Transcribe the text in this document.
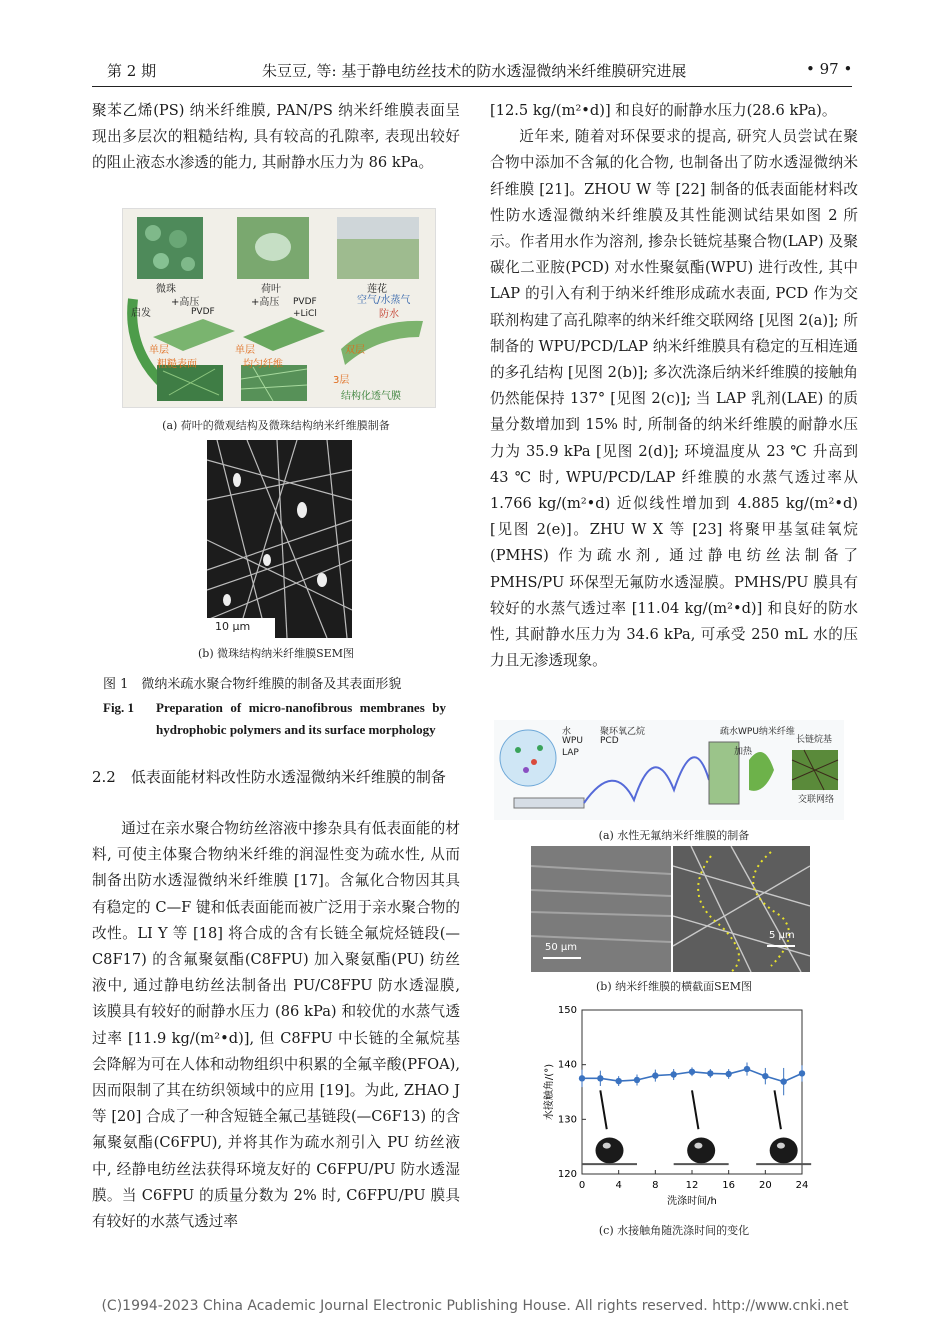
第 2 期	朱豆豆, 等: 基于静电纺丝技术的防水透湿微纳米纤维膜研究进展	• 97 •

聚苯乙烯(PS) 纳米纤维膜, PAN/PS 纳米纤维膜表面呈现出多层次的粗糙结构, 具有较高的孔隙率, 表现出较好的阻止液态水渗透的能力, 其耐静水压力为 86 kPa。

微珠	荷叶	莲花
启发
+高压
PVDF
+高压 PVDF
+LiCl
空气/水蒸气
防水
单层
粗糙表面
单层
均匀纤维
双层
3层
结构化透气膜
(a) 荷叶的微观结构及微珠结构纳米纤维膜制备
10 μm
(b) 微珠结构纳米纤维膜SEM图
图 1　微纳米疏水聚合物纤维膜的制备及其表面形貌
Fig. 1 Preparation of micro-nanofibrous membranes by hydrophobic polymers and its surface morphology
2.2　低表面能材料改性防水透湿微纳米纤维膜的制备

通过在亲水聚合物纺丝溶液中掺杂具有低表面能的材料, 可使主体聚合物纳米纤维的润湿性变为疏水性, 从而制备出防水透湿微纳米纤维膜 [17]。含氟化合物因其具有稳定的 C—F 键和低表面能而被广泛用于亲水聚合物的改性。LI Y 等 [18] 将合成的含有长链全氟烷烃链段(—C8F17) 的含氟聚氨酯(C8FPU) 加入聚氨酯(PU) 纺丝液中, 通过静电纺丝法制备出 PU/C8FPU 防水透湿膜, 该膜具有较好的耐静水压力 (86 kPa) 和较优的水蒸气透过率 [11.9 kg/(m²•d)], 但 C8FPU 中长链的全氟烷基会降解为可在人体和动物组织中积累的全氟辛酸(PFOA), 因而限制了其在纺织领域中的应用 [19]。为此, ZHAO J 等 [20] 合成了一种含短链全氟己基链段(—C6F13) 的含氟聚氨酯(C6FPU), 并将其作为疏水剂引入 PU 纺丝液中, 经静电纺丝法获得环境友好的 C6FPU/PU 防水透湿膜。当 C6FPU 的质量分数为 2% 时, C6FPU/PU 膜具有较好的水蒸气透过率

[12.5 kg/(m²•d)] 和良好的耐静水压力(28.6 kPa)。

近年来, 随着对环保要求的提高, 研究人员尝试在聚合物中添加不含氟的化合物, 也制备出了防水透湿微纳米纤维膜 [21]。ZHOU W 等 [22] 制备的低表面能材料改性防水透湿微纳米纤维膜及其性能测试结果如图 2 所示。作者用水作为溶剂, 掺杂长链烷基聚合物(LAP) 及聚碳化二亚胺(PCD) 对水性聚氨酯(WPU) 进行改性, 其中 LAP 的引入有利于纳米纤维形成疏水表面, PCD 作为交联剂构建了高孔隙率的纳米纤维交联网络 [见图 2(a)]; 所制备的 WPU/PCD/LAP 纳米纤维膜具有稳定的互相连通的多孔结构 [见图 2(b)]; 多次洗涤后纳米纤维膜的接触角仍然能保持 137° [见图 2(c)]; 当 LAP 乳剂(LAE) 的质量分数增加到 15% 时, 所制备的纳米纤维膜的耐静水压力为 35.9 kPa [见图 2(d)]; 环境温度从 23 ℃ 升高到 43 ℃ 时, WPU/PCD/LAP 纤维膜的水蒸气透过率从 1.766 kg/(m²•d) 近似线性增加到 4.885 kg/(m²•d) [见图 2(e)]。ZHU W X 等 [23] 将聚甲基氢硅氧烷(PMHS) 作为疏水剂, 通过静电纺丝法制备了 PMHS/PU 环保型无氟防水透湿膜。PMHS/PU 膜具有较好的水蒸气透过率 [11.04 kg/(m²•d)] 和良好的防水性, 其耐静水压力为 34.6 kPa, 可承受 250 mL 水的压力且无渗透现象。

水	聚环氧乙烷
WPU PCD
LAP
疏水WPU纳米纤维
加热
长链烷基
交联网络
(a) 水性无氟纳米纤维膜的制备
50 μm
5 μm
(b) 纳米纤维膜的横截面SEM图
0	4	8	12 16 20 24
120
130
140
150
洗涤时间/h
水接触角/(°)
(c) 水接触角随洗涤时间的变化
(C)1994-2023 China Academic Journal Electronic Publishing House. All rights reserved. http://www.cnki.net
